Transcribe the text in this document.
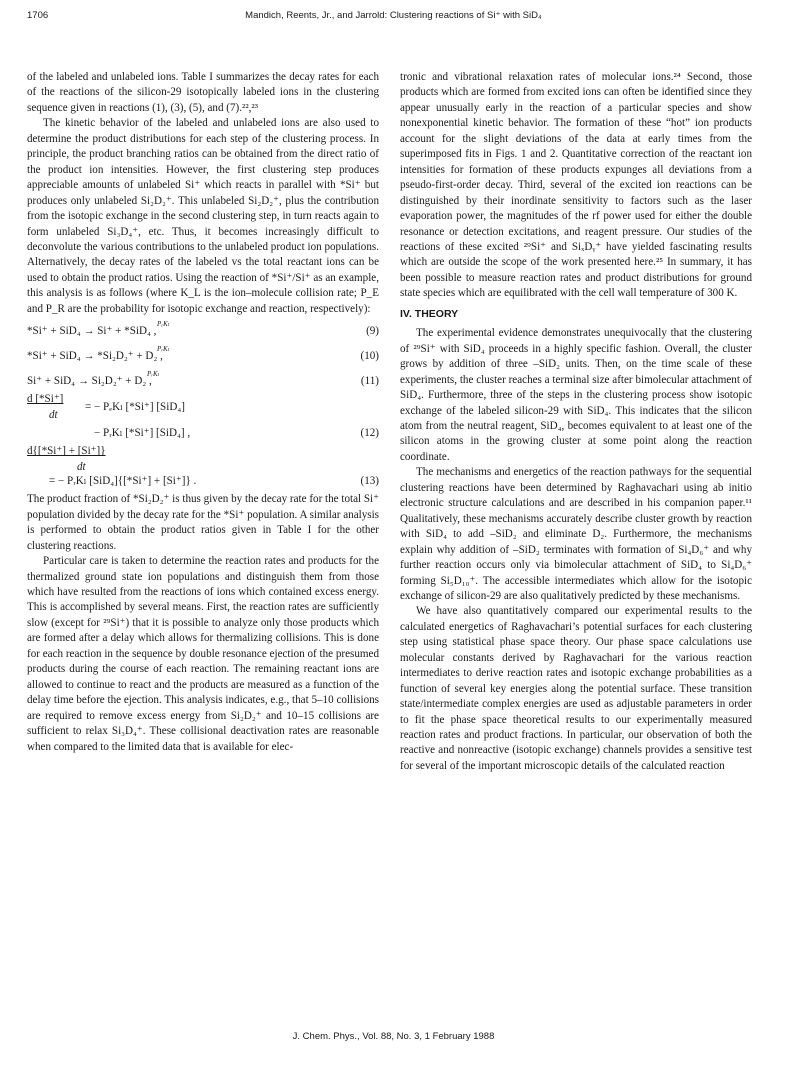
1706	Mandich, Reents, Jr., and Jarrold: Clustering reactions of Si⁺ with SiD₄

of the labeled and unlabeled ions. Table I summarizes the decay rates for each of the reactions of the silicon-29 isotopically labeled ions in the clustering sequence given in reactions (1), (3), (5), and (7).²²,²³

The kinetic behavior of the labeled and unlabeled ions are also used to determine the product distributions for each step of the clustering process. In principle, the product branching ratios can be obtained from the direct ratio of the product ion intensities. However, the first clustering step produces appreciable amounts of unlabeled Si⁺ which reacts in parallel with *Si⁺ but produces only unlabeled Si₂D₂⁺. This unlabeled Si₂D₂⁺, plus the contribution from the isotopic exchange in the second clustering step, in turn reacts again to form unlabeled Si₃D₄⁺, etc. Thus, it becomes increasingly difficult to deconvolute the various contributions to the unlabeled product ion populations. Alternatively, the decay rates of the labeled vs the total reactant ions can be used to obtain the product ratios. Using the reaction of *Si⁺/Si⁺ as an example, this analysis is as follows (where K_L is the ion–molecule collision rate; P_E and P_R are the probability for isotopic exchange and reaction, respectively):

PₑKₗ
*Si⁺ + SiD₄ → Si⁺ + *SiD₄ ,	(9)
PᵣKₗ
*Si⁺ + SiD₄ → *Si₂D₂⁺ + D₂ ,	(10)
PᵣKₗ
Si⁺ + SiD₄ → Si₂D₂⁺ + D₂ ,	(11)
d [*Si⁺]
dt
= − PₑKₗ [*Si⁺] [SiD₄]
− PᵣKₗ [*Si⁺] [SiD₄] ,	(12)
d{[*Si⁺] + [Si⁺]}
dt
= − PᵣKₗ [SiD₄]{[*Si⁺] + [Si⁺]} .	(13)

The product fraction of *Si₂D₂⁺ is thus given by the decay rate for the total Si⁺ population divided by the decay rate for the *Si⁺ population. A similar analysis is performed to obtain the product ratios given in Table I for the other clustering reactions.

Particular care is taken to determine the reaction rates and products for the thermalized ground state ion populations and distinguish them from those which have resulted from the reactions of ions which contained excess energy. This is accomplished by several means. First, the reaction rates are sufficiently slow (except for ²⁹Si⁺) that it is possible to analyze only those products which are formed after a delay which allows for thermalizing collisions. This is done for each reaction in the sequence by double resonance ejection of the presumed products during the course of each reaction. The remaining reactant ions are allowed to continue to react and the products are measured as a function of the delay time before the ejection. This analysis indicates, e.g., that 5–10 collisions are required to remove excess energy from Si₂D₂⁺ and 10–15 collisions are sufficient to relax Si₃D₄⁺. These collisional deactivation rates are reasonable when compared to the limited data that is available for elec-

tronic and vibrational relaxation rates of molecular ions.²⁴ Second, those products which are formed from excited ions can often be identified since they appear unusually early in the reaction of a particular species and show nonexponential kinetic behavior. The formation of these “hot” ion products account for the slight deviations of the data at early times from the superimposed fits in Figs. 1 and 2. Quantitative correction of the reactant ion intensities for formation of these products expunges all deviations from a pseudo-first-order decay. Third, several of the excited ion reactions can be distinguished by their inordinate sensitivity to factors such as the laser evaporation power, the magnitudes of the rf power used for either the double resonance or detection excitations, and reagent pressure. Our studies of the reactions of these excited ²⁹Si⁺ and SiₓDᵧ⁺ have yielded fascinating results which are outside the scope of the work presented here.²⁵ In summary, it has been possible to measure reaction rates and product distributions for ground state species which are equilibrated with the cell wall temperature of 300 K.

IV. THEORY

The experimental evidence demonstrates unequivocally that the clustering of ²⁹Si⁺ with SiD₄ proceeds in a highly specific fashion. Overall, the cluster grows by addition of three –SiD₂ units. Then, on the time scale of these experiments, the cluster reaches a terminal size after bimolecular attachment of SiD₄. Furthermore, three of the steps in the clustering process show isotopic exchange of the labeled silicon-29 with SiD₄. This indicates that the silicon atom from the neutral reagent, SiD₄, becomes equivalent to at least one of the silicon atoms in the growing cluster at some point along the reaction coordinate.

The mechanisms and energetics of the reaction pathways for the sequential clustering reactions have been determined by Raghavachari using ab initio electronic structure calculations and are described in his companion paper.¹¹ Qualitatively, these mechanisms accurately describe cluster growth by reaction with SiD₄ to add –SiD₂ and eliminate D₂. Furthermore, the mechanisms explain why addition of –SiD₂ terminates with formation of Si₄D₆⁺ and why further reaction occurs only via bimolecular attachment of SiD₄ to Si₄D₆⁺ forming Si₅D₁₀⁺. The accessible intermediates which allow for the isotopic exchange of silicon-29 are also qualitatively predicted by these mechanisms.

We have also quantitatively compared our experimental results to the calculated energetics of Raghavachari’s potential surfaces for each clustering step using statistical phase space theory. Our phase space calculations use molecular constants derived by Raghavachari for the various reaction intermediates to derive reaction rates and isotopic exchange probabilities as a function of several key energies along the potential surface. These transition state/intermediate complex energies are used as adjustable parameters in order to fit the phase space theoretical results to our experimentally measured reaction rates and product fractions. In particular, our observation of both the reactive and nonreactive (isotopic exchange) channels provides a sensitive test for several of the important microscopic details of the calculated reaction

J. Chem. Phys., Vol. 88, No. 3, 1 February 1988
